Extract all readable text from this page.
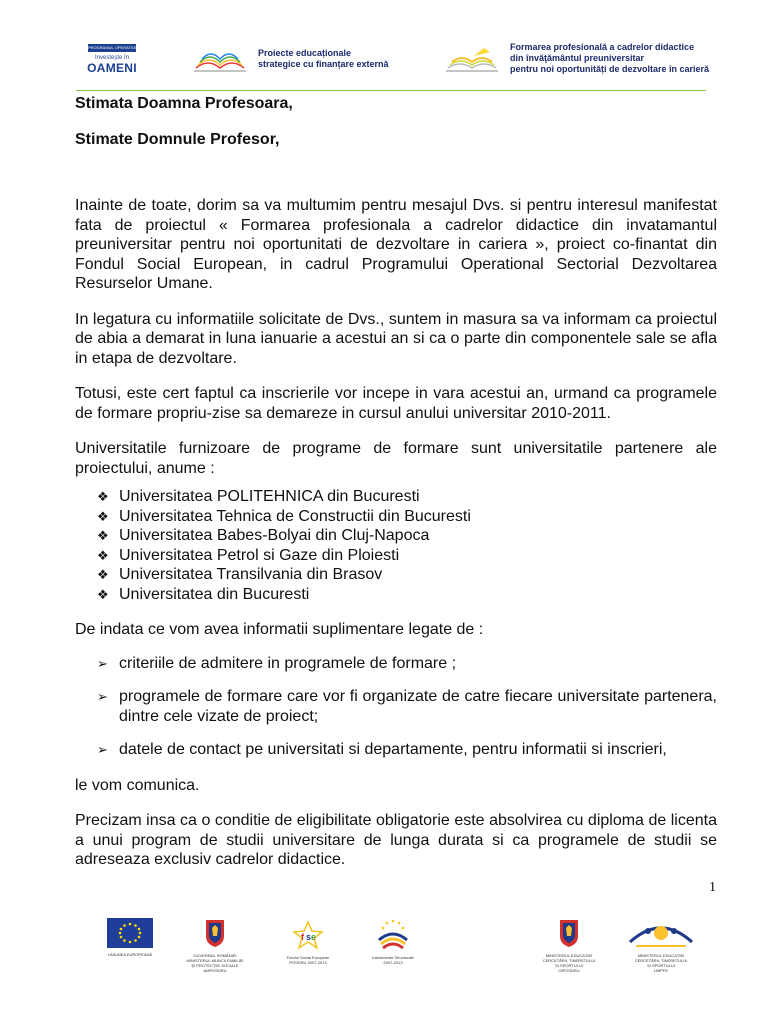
PROGRAMUL OPERATIONAL SECTORIAL DEZVOLTAREA RESURSELOR UMANE
Investeşte în
OAMENI
Proiecte educaționale
strategice cu finanțare externă
Formarea profesională a cadrelor didactice
din învăţământul preuniversitar
pentru noi oportunități de dezvoltare în carieră

Stimata Doamna Profesoara,

Stimate Domnule Profesor,

Inainte de toate, dorim sa va multumim pentru mesajul Dvs. si pentru interesul manifestat fata de proiectul « Formarea profesionala a cadrelor didactice din invatamantul preuniversitar pentru noi oportunitati de dezvoltare in cariera », proiect co-finantat din Fondul Social European, in cadrul Programului Operational Sectorial Dezvoltarea Resurselor Umane.

In legatura cu informatiile solicitate de Dvs., suntem in masura sa va informam ca proiectul de abia a demarat in luna ianuarie a acestui an si ca o parte din componentele sale se afla in etapa de dezvoltare.

Totusi, este cert faptul ca inscrierile vor incepe in vara acestui an, urmand ca programele de formare propriu-zise sa demareze in cursul anului universitar 2010-2011.

Universitatile furnizoare de programe de formare sunt universitatile partenere ale proiectului, anume :

❖ Universitatea POLITEHNICA din Bucuresti
❖ Universitatea Tehnica de Constructii din Bucuresti
❖ Universitatea Babes-Bolyai din Cluj-Napoca
❖ Universitatea Petrol si Gaze din Ploiesti
❖ Universitatea Transilvania din Brasov
❖ Universitatea din Bucuresti

De indata ce vom avea informatii suplimentare legate de :

➢ criteriile de admitere in programele de formare ;
➢ programele de formare care vor fi organizate de catre fiecare universitate partenera, dintre cele vizate de proiect;
➢ datele de contact pe universitati si departamente, pentru informatii si inscrieri,

le vom comunica.

Precizam insa ca o conditie de eligibilitate obligatorie este absolvirea cu diploma de licenta a unui program de studii universitare de lunga durata si ca programele de studii se adreseaza exclusiv cadrelor didactice.

1
UNIUNEA EUROPEANĂ	GUVERNUL ROMÂNIEI
MINISTERUL MUNCII FAMILIEI
ŞI PROTECŢIEI SOCIALE
AMPOSDRU
f s e
Fondul Social European
POSDRU 2007-2013
Instrumente Structurale
2007-2013
MINISTERUL EDUCAȚIEI
CERCETĂRII, TINERETULUI
ȘI SPORTULUI
OIPOSDRU
MINISTERUL EDUCAȚIEI
CERCETĂRII, TINERETULUI
ȘI SPORTULUI
UMPFE
